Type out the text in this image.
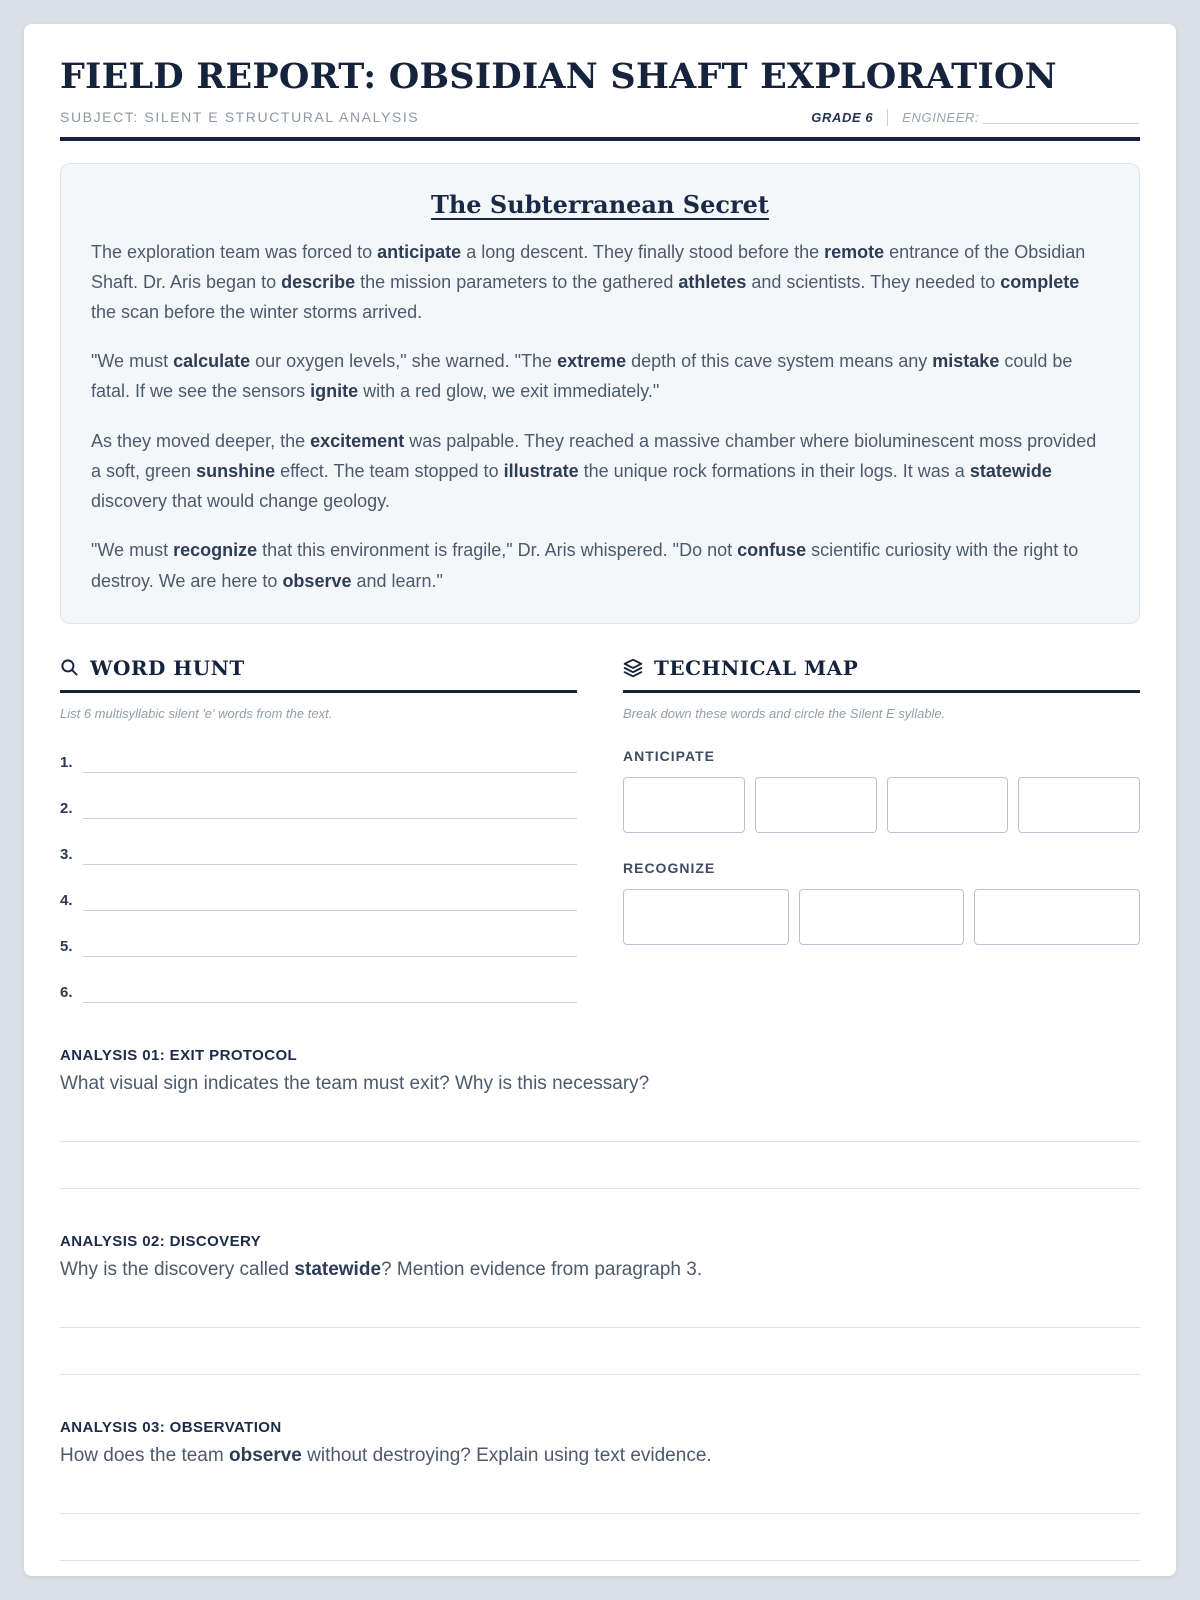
FIELD REPORT: OBSIDIAN SHAFT EXPLORATION
SUBJECT: SILENT E STRUCTURAL ANALYSIS	GRADE 6 ENGINEER: ____________________
The Subterranean Secret

The exploration team was forced to anticipate a long descent. They finally stood before the remote entrance of the Obsidian Shaft. Dr. Aris began to describe the mission parameters to the gathered athletes and scientists. They needed to complete the scan before the winter storms arrived.

"We must calculate our oxygen levels," she warned. "The extreme depth of this cave system means any mistake could be fatal. If we see the sensors ignite with a red glow, we exit immediately."

As they moved deeper, the excitement was palpable. They reached a massive chamber where bioluminescent moss provided a soft, green sunshine effect. The team stopped to illustrate the unique rock formations in their logs. It was a statewide discovery that would change geology.

"We must recognize that this environment is fragile," Dr. Aris whispered. "Do not confuse scientific curiosity with the right to destroy. We are here to observe and learn."

WORD HUNT
List 6 multisyllabic silent 'e' words from the text.
1.
2.
3.
4.
5.
6.
TECHNICAL MAP
Break down these words and circle the Silent E syllable.
ANTICIPATE
RECOGNIZE
ANALYSIS 01: EXIT PROTOCOL
What visual sign indicates the team must exit? Why is this necessary?
ANALYSIS 02: DISCOVERY
Why is the discovery called statewide? Mention evidence from paragraph 3.
ANALYSIS 03: OBSERVATION
How does the team observe without destroying? Explain using text evidence.
